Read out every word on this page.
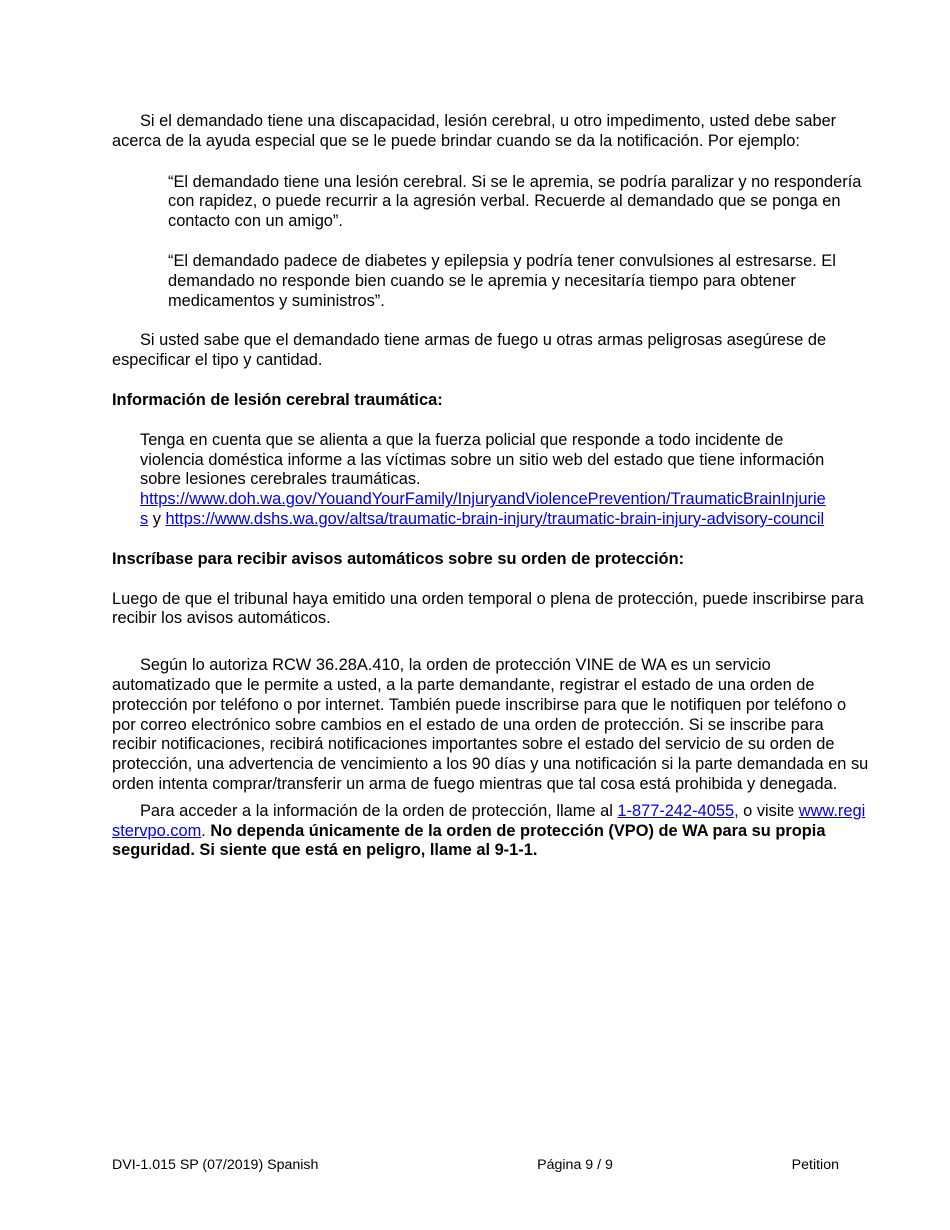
Si el demandado tiene una discapacidad, lesión cerebral, u otro impedimento, usted debe saber acerca de la ayuda especial que se le puede brindar cuando se da la notificación. Por ejemplo:

“El demandado tiene una lesión cerebral. Si se le apremia, se podría paralizar y no respondería con rapidez, o puede recurrir a la agresión verbal. Recuerde al demandado que se ponga en contacto con un amigo”.

“El demandado padece de diabetes y epilepsia y podría tener convulsiones al estresarse. El demandado no responde bien cuando se le apremia y necesitaría tiempo para obtener medicamentos y suministros”.

Si usted sabe que el demandado tiene armas de fuego u otras armas peligrosas asegúrese de especificar el tipo y cantidad.

Información de lesión cerebral traumática:

Tenga en cuenta que se alienta a que la fuerza policial que responde a todo incidente de violencia doméstica informe a las víctimas sobre un sitio web del estado que tiene información sobre lesiones cerebrales traumáticas.

https://www.doh.wa.gov/YouandYourFamily/InjuryandViolencePrevention/TraumaticBrainInjuries y https://www.dshs.wa.gov/altsa/traumatic-brain-injury/traumatic-brain-injury-advisory-council

Inscríbase para recibir avisos automáticos sobre su orden de protección:

Luego de que el tribunal haya emitido una orden temporal o plena de protección, puede inscribirse para recibir los avisos automáticos.

Según lo autoriza RCW 36.28A.410, la orden de protección VINE de WA es un servicio automatizado que le permite a usted, a la parte demandante, registrar el estado de una orden de protección por teléfono o por internet. También puede inscribirse para que le notifiquen por teléfono o por correo electrónico sobre cambios en el estado de una orden de protección. Si se inscribe para recibir notificaciones, recibirá notificaciones importantes sobre el estado del servicio de su orden de protección, una advertencia de vencimiento a los 90 días y una notificación si la parte demandada en su orden intenta comprar/transferir un arma de fuego mientras que tal cosa está prohibida y denegada.

Para acceder a la información de la orden de protección, llame al 1-877-242-4055, o visite www.registervpo.com. No dependa únicamente de la orden de protección (VPO) de WA para su propia seguridad. Si siente que está en peligro, llame al 9-1-1.

DVI-1.015 SP (07/2019) Spanish	Página 9 / 9	Petition
